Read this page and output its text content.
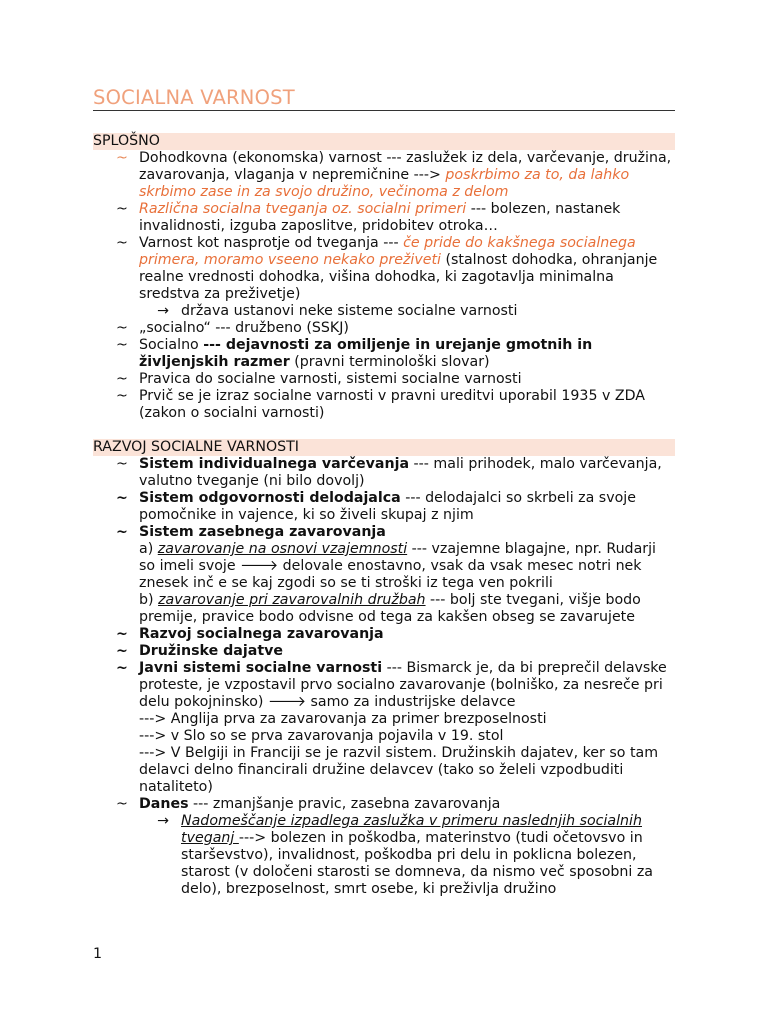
SOCIALNA VARNOST
SPLOŠNO
~ Dohodkovna (ekonomska) varnost --- zaslužek iz dela, varčevanje, družina, zavarovanja, vlaganja v nepremičnine ---> poskrbimo za to, da lahko skrbimo zase in za svojo družino, večinoma z delom
~ Različna socialna tveganja oz. socialni primeri --- bolezen, nastanek invalidnosti, izguba zaposlitve, pridobitev otroka…
~ Varnost kot nasprotje od tveganja --- če pride do kakšnega socialnega primera, moramo vseeno nekako preživeti (stalnost dohodka, ohranjanje realne vrednosti dohodka, višina dohodka, ki zagotavlja minimalna sredstva za preživetje)
→ država ustanovi neke sisteme socialne varnosti
~ „socialno“ --- družbeno (SSKJ)
~ Socialno --- dejavnosti za omiljenje in urejanje gmotnih in življenjskih razmer (pravni terminološki slovar)
~ Pravica do socialne varnosti, sistemi socialne varnosti
~ Prvič se je izraz socialne varnosti v pravni ureditvi uporabil 1935 v ZDA (zakon o socialni varnosti)
RAZVOJ SOCIALNE VARNOSTI
~ Sistem individualnega varčevanja --- mali prihodek, malo varčevanja, valutno tveganje (ni bilo dovolj)
~ Sistem odgovornosti delodajalca --- delodajalci so skrbeli za svoje pomočnike in vajence, ki so živeli skupaj z njim
~ Sistem zasebnega zavarovanja
a) zavarovanje na osnovi vzajemnosti --- vzajemne blagajne, npr. Rudarji so imeli svoje 🡒 delovale enostavno, vsak da vsak mesec notri nek znesek inč e se kaj zgodi so se ti stroški iz tega ven pokrili
b) zavarovanje pri zavarovalnih družbah --- bolj ste tvegani, višje bodo premije, pravice bodo odvisne od tega za kakšen obseg se zavarujete
~ Razvoj socialnega zavarovanja
~ Družinske dajatve
~ Javni sistemi socialne varnosti --- Bismarck je, da bi preprečil delavske proteste, je vzpostavil prvo socialno zavarovanje (bolniško, za nesreče pri delu pokojninsko) 🡒 samo za industrijske delavce
---> Anglija prva za zavarovanja za primer brezposelnosti
---> v Slo so se prva zavarovanja pojavila v 19. stol
---> V Belgiji in Franciji se je razvil sistem. Družinskih dajatev, ker so tam delavci delno financirali družine delavcev (tako so želeli vzpodbuditi nataliteto)
~ Danes --- zmanjšanje pravic, zasebna zavarovanja
→ Nadomeščanje izpadlega zaslužka v primeru naslednjih socialnih tveganj ---> bolezen in poškodba, materinstvo (tudi očetovsvo in starševstvo), invalidnost, poškodba pri delu in poklicna bolezen, starost (v določeni starosti se domneva, da nismo več sposobni za delo), brezposelnost, smrt osebe, ki preživlja družino
1
